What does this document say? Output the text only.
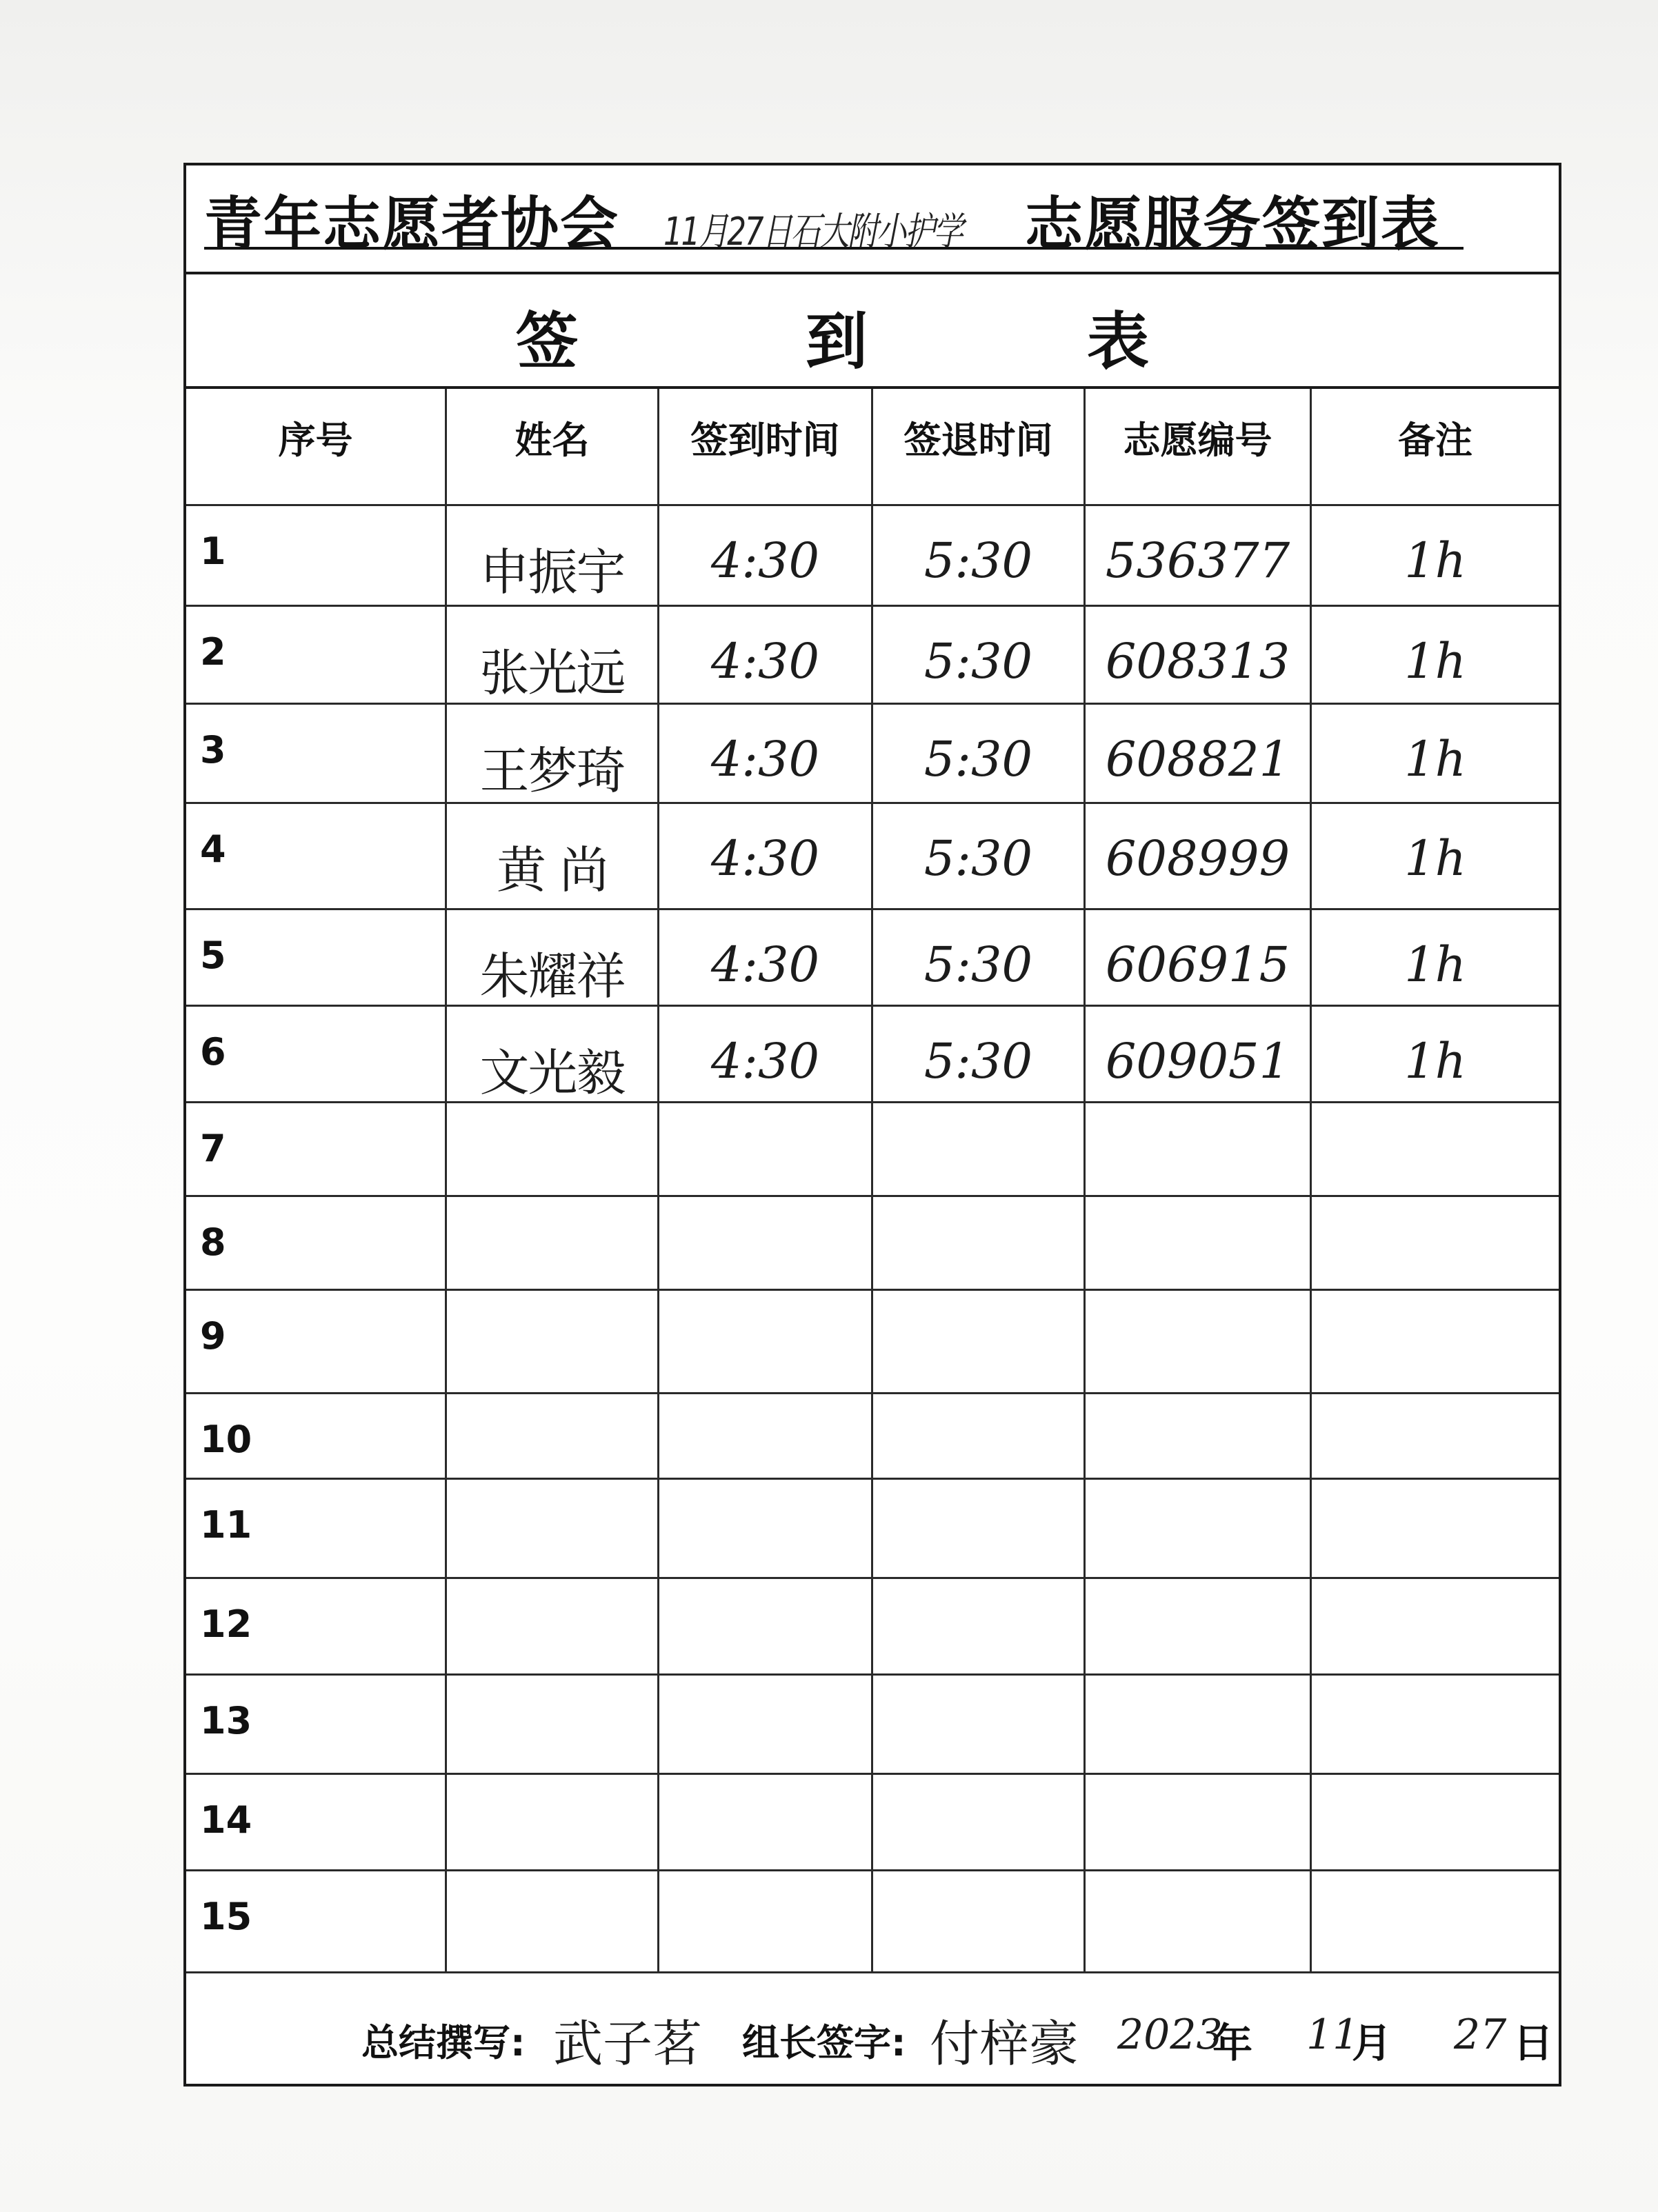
青年志愿者协会 11月27日石大附小护学 志愿服务签到表
签	到	表
序号	姓名	签到时间	签退时间	志愿编号	备注
1	申振宇	4:30	5:30	536377	1h
2	张光远	4:30	5:30	608313	1h
3	王梦琦	4:30	5:30	608821	1h
4	黄 尚	4:30	5:30	608999	1h
5	朱耀祥	4:30	5:30	606915	1h
6	文光毅	4:30	5:30	609051	1h
7
8
9
10
11
12
13
14
15
总结撰写: 武子茗 组长签字: 付梓豪 2023
年 11
月 27 日
